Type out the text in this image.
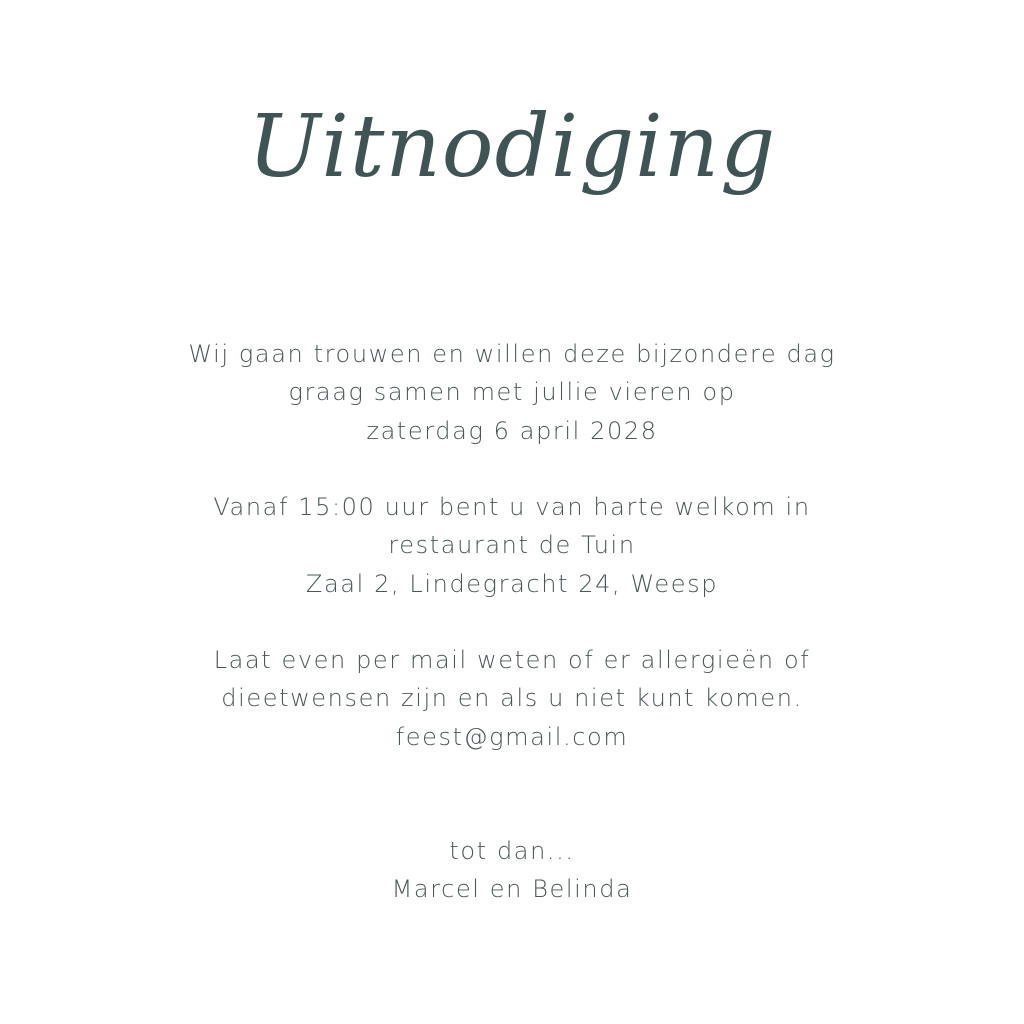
Uitnodiging
Wij gaan trouwen en willen deze bijzondere dag
graag samen met jullie vieren op
zaterdag 6 april 2028
Vanaf 15:00 uur bent u van harte welkom in
restaurant de Tuin
Zaal 2, Lindegracht 24, Weesp
Laat even per mail weten of er allergieën of
dieetwensen zijn en als u niet kunt komen.
feest@gmail.com
tot dan...
Marcel en Belinda
